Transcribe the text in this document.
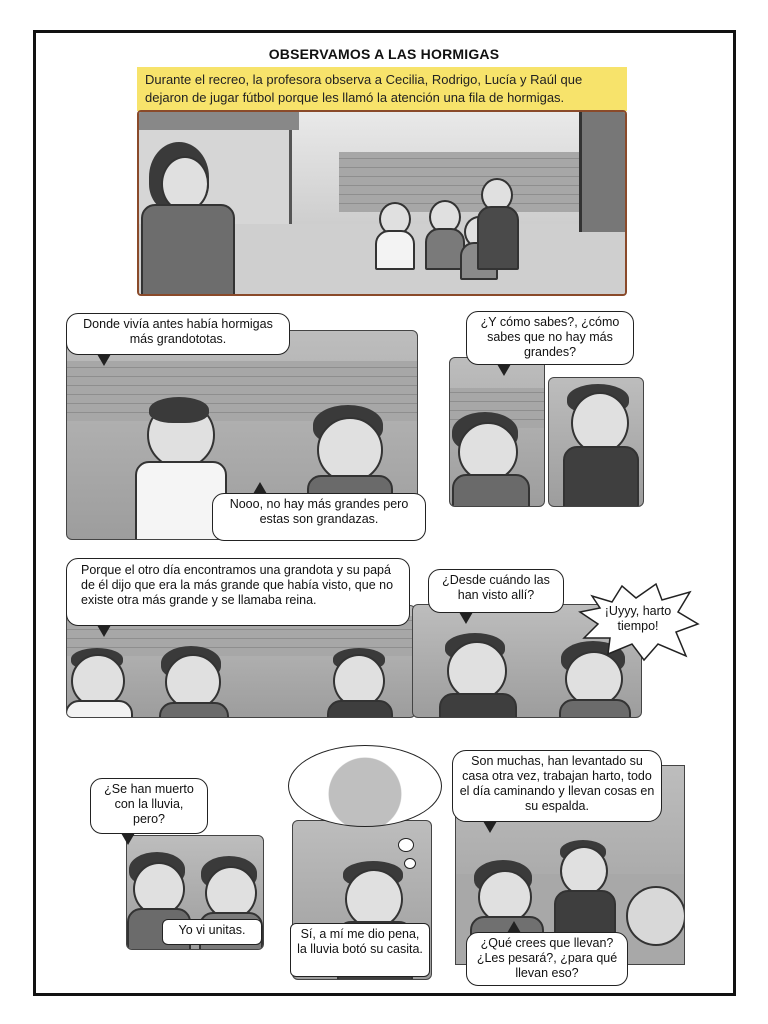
OBSERVAMOS A LAS HORMIGAS
Durante el recreo, la profesora observa a Cecilia, Rodrigo, Lucía y Raúl que dejaron de jugar fútbol porque les llamó la atención una fila de hormigas.
Donde vivía antes había hormigas más grandototas.
Nooo, no hay más grandes pero estas son grandazas.
¿Y cómo sabes?, ¿cómo sabes que no hay más grandes?
Porque el otro día encontramos una grandota y su papá de él dijo que era la más grande que había visto, que no existe otra más grande y se llamaba reina.
¿Desde cuándo las han visto allí?
¡Uyyy, harto tiempo!
¿Se han muerto con la lluvia, pero?
Yo vi unitas.	Sí, a mí me dio pena, la lluvia botó su casita.
Son muchas, han levantado su casa otra vez, trabajan harto, todo el día caminando y llevan cosas en su espalda.
¿Qué crees que llevan? ¿Les pesará?, ¿para qué llevan eso?
